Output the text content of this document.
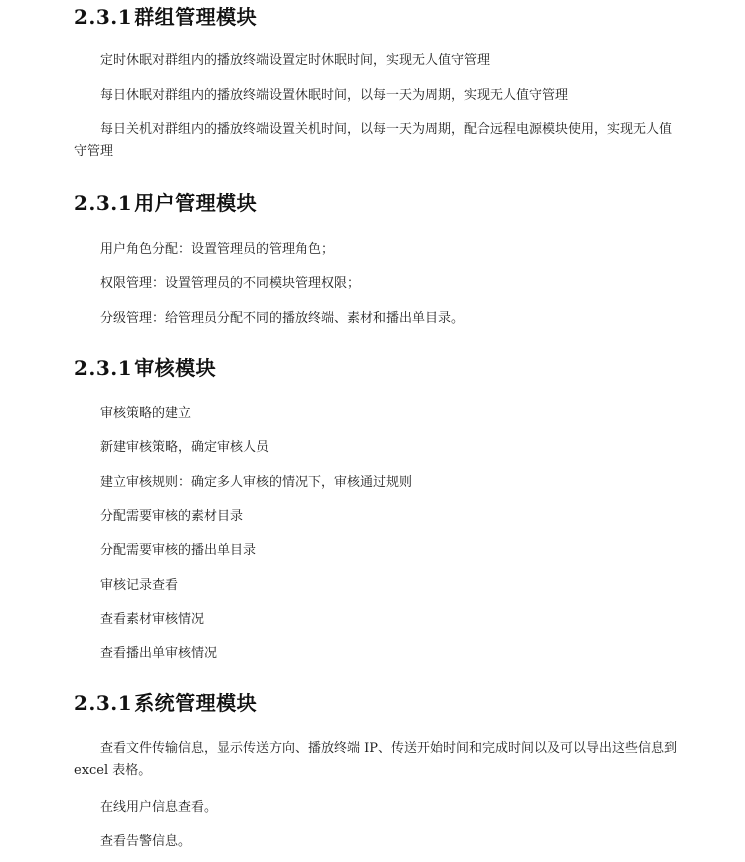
2.3.1 群组管理模块

定时休眠对群组内的播放终端设置定时休眠时间，实现无人值守管理

每日休眠对群组内的播放终端设置休眠时间，以每一天为周期，实现无人值守管理

每日关机对群组内的播放终端设置关机时间，以每一天为周期，配合远程电源模块使用，实现无人值守管理

2.3.1 用户管理模块

用户角色分配：设置管理员的管理角色；

权限管理：设置管理员的不同模块管理权限；

分级管理：给管理员分配不同的播放终端、素材和播出单目录。

2.3.1 审核模块

审核策略的建立

新建审核策略，确定审核人员

建立审核规则：确定多人审核的情况下，审核通过规则

分配需要审核的素材目录

分配需要审核的播出单目录

审核记录查看

查看素材审核情况

查看播出单审核情况

2.3.1 系统管理模块

查看文件传输信息，显示传送方向、播放终端 IP、传送开始时间和完成时间以及可以导出这些信息到 excel 表格。

在线用户信息查看。

查看告警信息。
